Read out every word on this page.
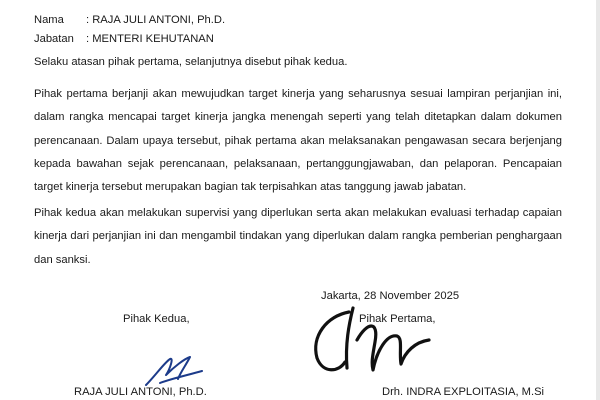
Nama : RAJA JULI ANTONI, Ph.D.
Jabatan : MENTERI KEHUTANAN
Selaku atasan pihak pertama, selanjutnya disebut pihak kedua.

Pihak pertama berjanji akan mewujudkan target kinerja yang seharusnya sesuai lampiran perjanjian ini, dalam rangka mencapai target kinerja jangka menengah seperti yang telah ditetapkan dalam dokumen perencanaan. Dalam upaya tersebut, pihak pertama akan melaksanakan pengawasan secara berjenjang kepada bawahan sejak perencanaan, pelaksanaan, pertanggungjawaban, dan pelaporan. Pencapaian target kinerja tersebut merupakan bagian tak terpisahkan atas tanggung jawab jabatan.

Pihak kedua akan melakukan supervisi yang diperlukan serta akan melakukan evaluasi terhadap capaian kinerja dari perjanjian ini dan mengambil tindakan yang diperlukan dalam rangka pemberian penghargaan dan sanksi.

Jakarta, 28 November 2025
Pihak Kedua,	Pihak Pertama,
RAJA JULI ANTONI, Ph.D.	Drh. INDRA EXPLOITASIA, M.Si
